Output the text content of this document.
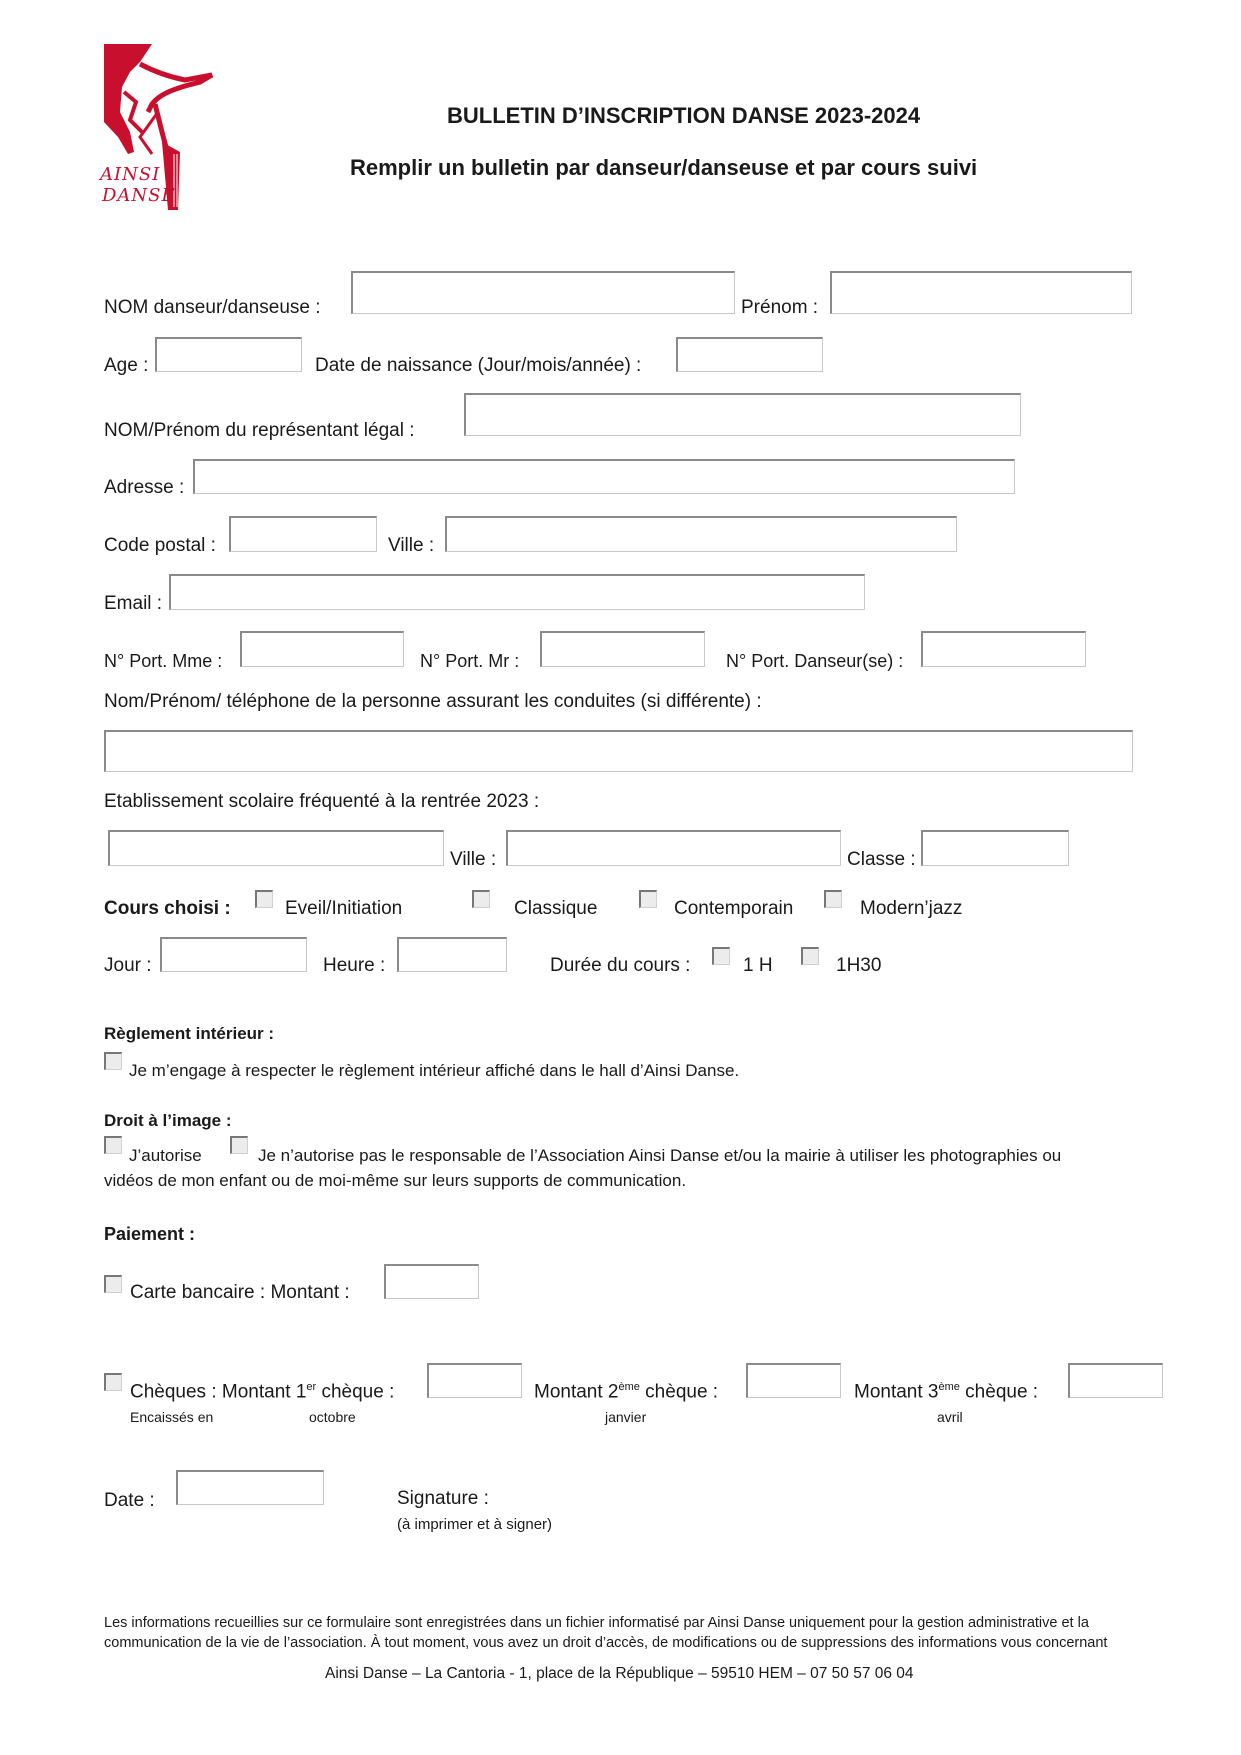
AINSI
DANSE
BULLETIN D’INSCRIPTION DANSE 2023-2024
Remplir un bulletin par danseur/danseuse et par cours suivi
NOM danseur/danseuse :	Prénom :
Age :	Date de naissance (Jour/mois/année) :
NOM/Prénom du représentant légal :
Adresse :
Code postal :	Ville :
Email :
N° Port. Mme :	N° Port. Mr :	N° Port. Danseur(se) :
Nom/Prénom/ téléphone de la personne assurant les conduites (si différente) :
Etablissement scolaire fréquenté à la rentrée 2023 :
Ville :	Classe :
Cours choisi :	Eveil/Initiation	Classique	Contemporain	Modern’jazz
Jour :	Heure :	Durée du cours :	1 H	1H30
Règlement intérieur :
Je m’engage à respecter le règlement intérieur affiché dans le hall d’Ainsi Danse.
Droit à l’image :
J’autorise	Je n’autorise pas le responsable de l’Association Ainsi Danse et/ou la mairie à utiliser les photographies ou
vidéos de mon enfant ou de moi-même sur leurs supports de communication.
Paiement :
Carte bancaire : Montant :
Chèques : Montant 1er chèque :	Montant 2ème chèque :	Montant 3ème chèque :
Encaissés en	octobre	janvier	avril
Date :	Signature :
(à imprimer et à signer)
Les informations recueillies sur ce formulaire sont enregistrées dans un fichier informatisé par Ainsi Danse uniquement pour la gestion administrative et la
communication de la vie de l’association. À tout moment, vous avez un droit d’accès, de modifications ou de suppressions des informations vous concernant
Ainsi Danse – La Cantoria - 1, place de la République – 59510 HEM – 07 50 57 06 04
